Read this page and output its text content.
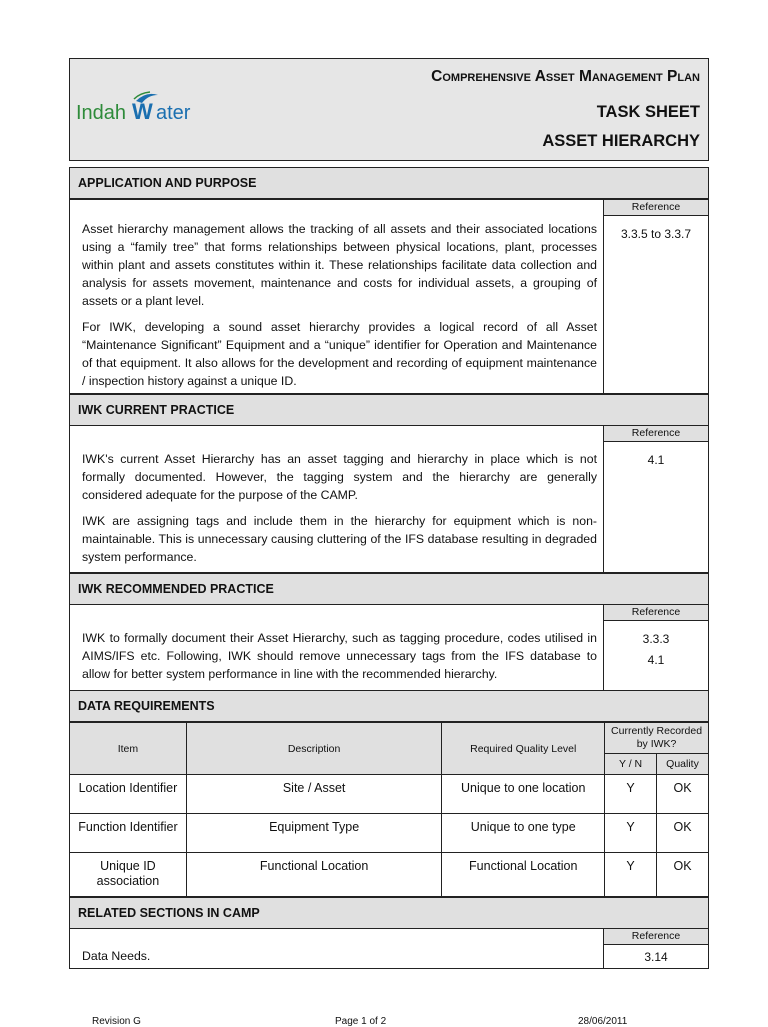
Indah W ater
Comprehensive Asset Management Plan
TASK SHEET
ASSET HIERARCHY
APPLICATION AND PURPOSE

Asset hierarchy management allows the tracking of all assets and their associated locations using a “family tree” that forms relationships between physical locations, plant, processes within plant and assets constitutes within it. These relationships facilitate data collection and analysis for assets movement, maintenance and costs for individual assets, a grouping of assets or a plant level.

For IWK, developing a sound asset hierarchy provides a logical record of all Asset “Maintenance Significant” Equipment and a “unique” identifier for Operation and Maintenance of that equipment. It also allows for the development and recording of equipment maintenance / inspection history against a unique ID.

Reference
3.3.5 to 3.3.7
IWK CURRENT PRACTICE

IWK's current Asset Hierarchy has an asset tagging and hierarchy in place which is not formally documented. However, the tagging system and the hierarchy are generally considered adequate for the purpose of the CAMP.

IWK are assigning tags and include them in the hierarchy for equipment which is non-maintainable. This is unnecessary causing cluttering of the IFS database resulting in degraded system performance.

Reference
4.1
IWK RECOMMENDED PRACTICE

IWK to formally document their Asset Hierarchy, such as tagging procedure, codes utilised in AIMS/IFS etc. Following, IWK should remove unnecessary tags from the IFS database to allow for better system performance in line with the recommended hierarchy.

Reference
3.3.3
4.1
DATA REQUIREMENTS
Item	Description	Required Quality Level	Currently Recorded by IWK?	
			Y / N	Quality
Location Identifier	Site / Asset	Unique to one location	Y	OK
Function Identifier	Equipment Type	Unique to one type	Y	OK
Unique ID association	Functional Location	Functional Location	Y	OK
RELATED SECTIONS IN CAMP
Data Needs.
Reference
3.14
Revision G	Page 1 of 2	28/06/2011
